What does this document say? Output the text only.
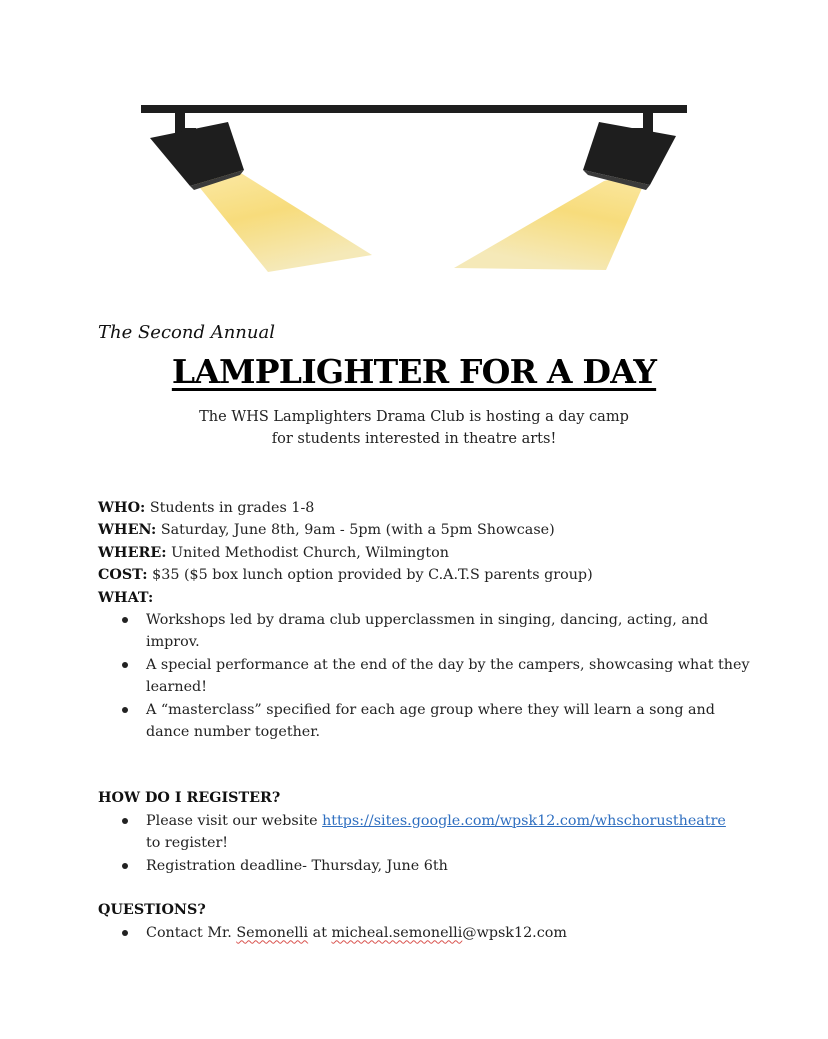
The Second Annual
LAMPLIGHTER FOR A DAY
The WHS Lamplighters Drama Club is hosting a day camp
for students interested in theatre arts!
WHO: Students in grades 1-8
WHEN: Saturday, June 8th, 9am - 5pm (with a 5pm Showcase)
WHERE: United Methodist Church, Wilmington
COST: $35 ($5 box lunch option provided by C.A.T.S parents group)
WHAT:
Workshops led by drama club upperclassmen in singing, dancing, acting, and improv.
A special performance at the end of the day by the campers, showcasing what they learned!
A “masterclass” specified for each age group where they will learn a song and dance number together.
HOW DO I REGISTER?
Please visit our website https://sites.google.com/wpsk12.com/whschorustheatre
to register!
Registration deadline- Thursday, June 6th
QUESTIONS?
Contact Mr. Semonelli at micheal.semonelli@wpsk12.com
